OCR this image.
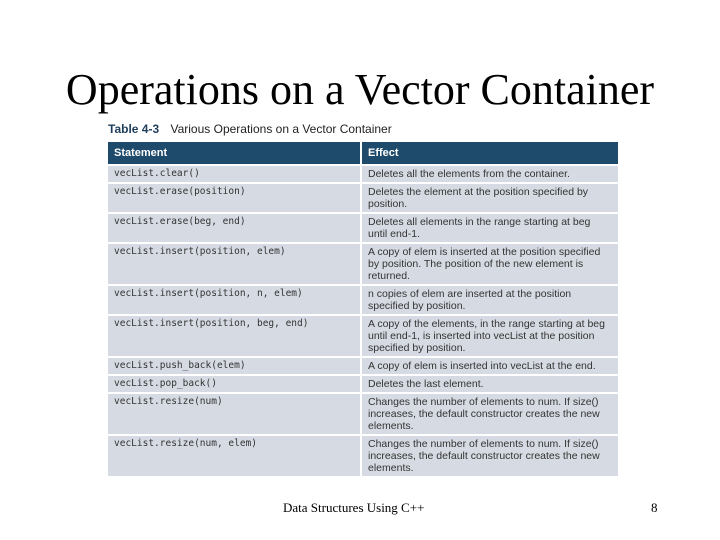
Operations on a Vector Container
Table 4-3 Various Operations on a Vector Container
Statement	Effect
vecList.clear()	Deletes all the elements from the container.
vecList.erase(position)	Deletes the element at the position specified by position.
vecList.erase(beg, end)	Deletes all elements in the range starting at beg until end-1.
vecList.insert(position, elem)	A copy of elem is inserted at the position specified by position. The position of the new element is returned.
vecList.insert(position, n, elem)	n copies of elem are inserted at the position specified by position.
vecList.insert(position, beg, end)	A copy of the elements, in the range starting at beg until end-1, is inserted into vecList at the position specified by position.
vecList.push_back(elem)	A copy of elem is inserted into vecList at the end.
vecList.pop_back()	Deletes the last element.
vecList.resize(num)	Changes the number of elements to num. If size() increases, the default constructor creates the new elements.
vecList.resize(num, elem)	Changes the number of elements to num. If size() increases, the default constructor creates the new elements.
Data Structures Using C++	8
